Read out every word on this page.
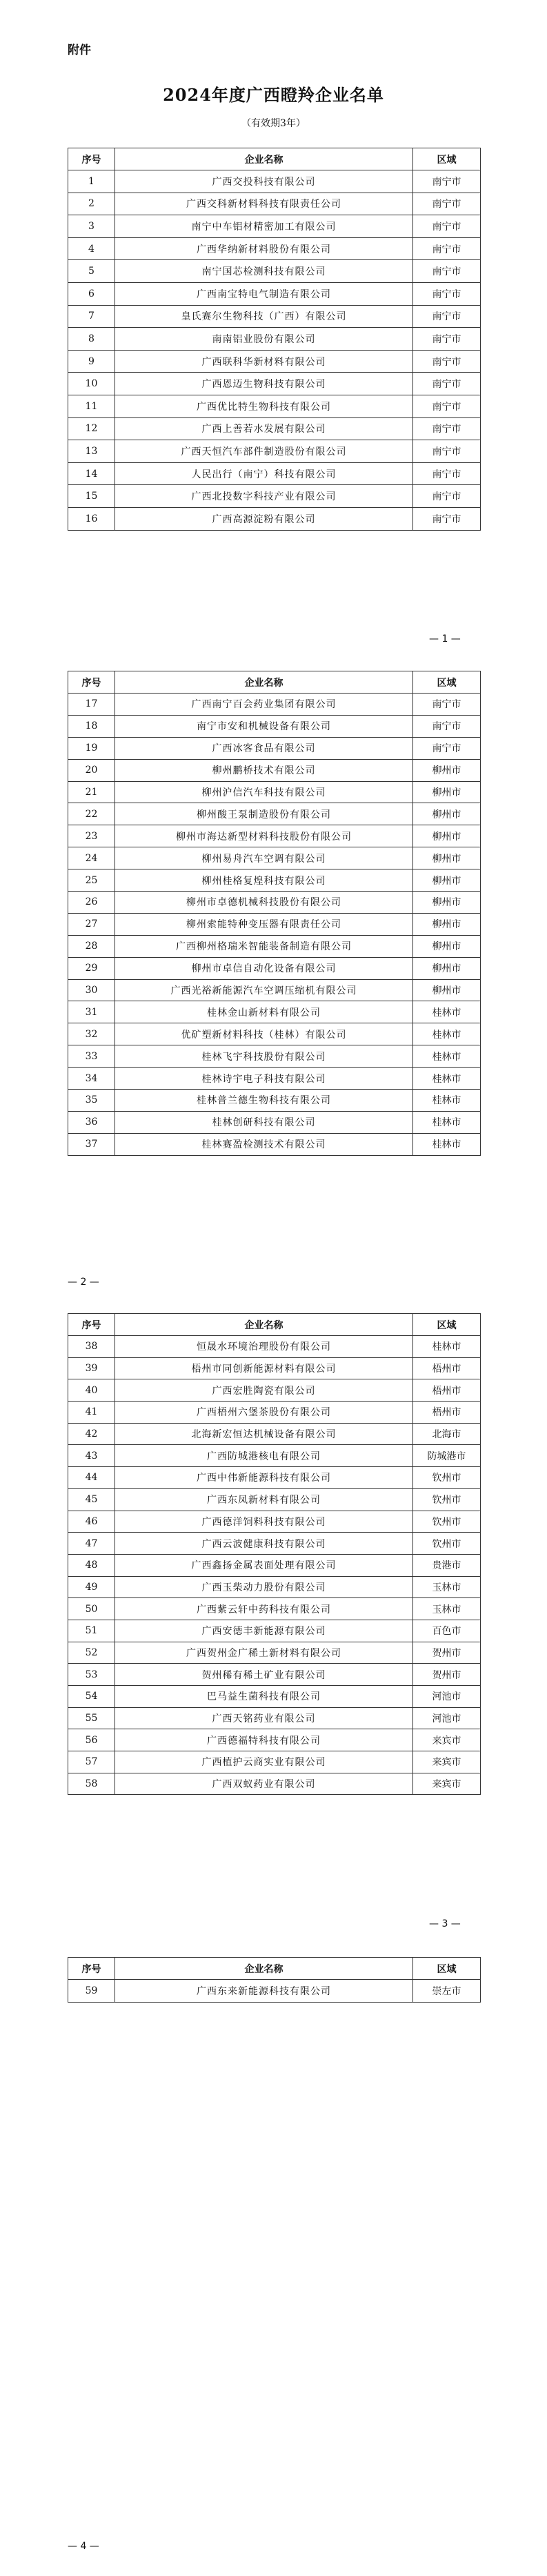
附件
2024年度广西瞪羚企业名单
（有效期3年）
序号	企业名称	区域
1	广西交投科技有限公司	南宁市
2	广西交科新材料科技有限责任公司	南宁市
3	南宁中车铝材精密加工有限公司	南宁市
4	广西华纳新材料股份有限公司	南宁市
5	南宁国芯检测科技有限公司	南宁市
6	广西南宝特电气制造有限公司	南宁市
7	皇氏赛尔生物科技（广西）有限公司	南宁市
8	南南铝业股份有限公司	南宁市
9	广西联科华新材料有限公司	南宁市
10	广西恩迈生物科技有限公司	南宁市
11	广西优比特生物科技有限公司	南宁市
12	广西上善若水发展有限公司	南宁市
13	广西天恒汽车部件制造股份有限公司	南宁市
14	人民出行（南宁）科技有限公司	南宁市
15	广西北投数字科技产业有限公司	南宁市
16	广西高源淀粉有限公司	南宁市
— 1 —
序号	企业名称	区域
17	广西南宁百会药业集团有限公司	南宁市
18	南宁市安和机械设备有限公司	南宁市
19	广西冰客食品有限公司	南宁市
20	柳州鹏桥技术有限公司	柳州市
21	柳州沪信汽车科技有限公司	柳州市
22	柳州酸王泵制造股份有限公司	柳州市
23	柳州市海达新型材料科技股份有限公司	柳州市
24	柳州易舟汽车空调有限公司	柳州市
25	柳州桂格复煌科技有限公司	柳州市
26	柳州市卓德机械科技股份有限公司	柳州市
27	柳州索能特种变压器有限责任公司	柳州市
28	广西柳州格瑞米智能装备制造有限公司	柳州市
29	柳州市卓信自动化设备有限公司	柳州市
30	广西光裕新能源汽车空调压缩机有限公司	柳州市
31	桂林金山新材料有限公司	桂林市
32	优矿塑新材料科技（桂林）有限公司	桂林市
33	桂林飞宇科技股份有限公司	桂林市
34	桂林诗宇电子科技有限公司	桂林市
35	桂林普兰德生物科技有限公司	桂林市
36	桂林创研科技有限公司	桂林市
37	桂林赛盈检测技术有限公司	桂林市
— 2 —
序号	企业名称	区域
38	恒晟水环境治理股份有限公司	桂林市
39	梧州市同创新能源材料有限公司	梧州市
40	广西宏胜陶瓷有限公司	梧州市
41	广西梧州六堡茶股份有限公司	梧州市
42	北海新宏恒达机械设备有限公司	北海市
43	广西防城港核电有限公司	防城港市
44	广西中伟新能源科技有限公司	钦州市
45	广西东凤新材料有限公司	钦州市
46	广西德洋饲料科技有限公司	钦州市
47	广西云波健康科技有限公司	钦州市
48	广西鑫扬金属表面处理有限公司	贵港市
49	广西玉柴动力股份有限公司	玉林市
50	广西紫云轩中药科技有限公司	玉林市
51	广西安德丰新能源有限公司	百色市
52	广西贺州金广稀土新材料有限公司	贺州市
53	贺州稀有稀土矿业有限公司	贺州市
54	巴马益生菌科技有限公司	河池市
55	广西天铭药业有限公司	河池市
56	广西德福特科技有限公司	来宾市
57	广西植护云商实业有限公司	来宾市
58	广西双蚁药业有限公司	来宾市
— 3 —
序号	企业名称	区域
59	广西东来新能源科技有限公司	崇左市
— 4 —
